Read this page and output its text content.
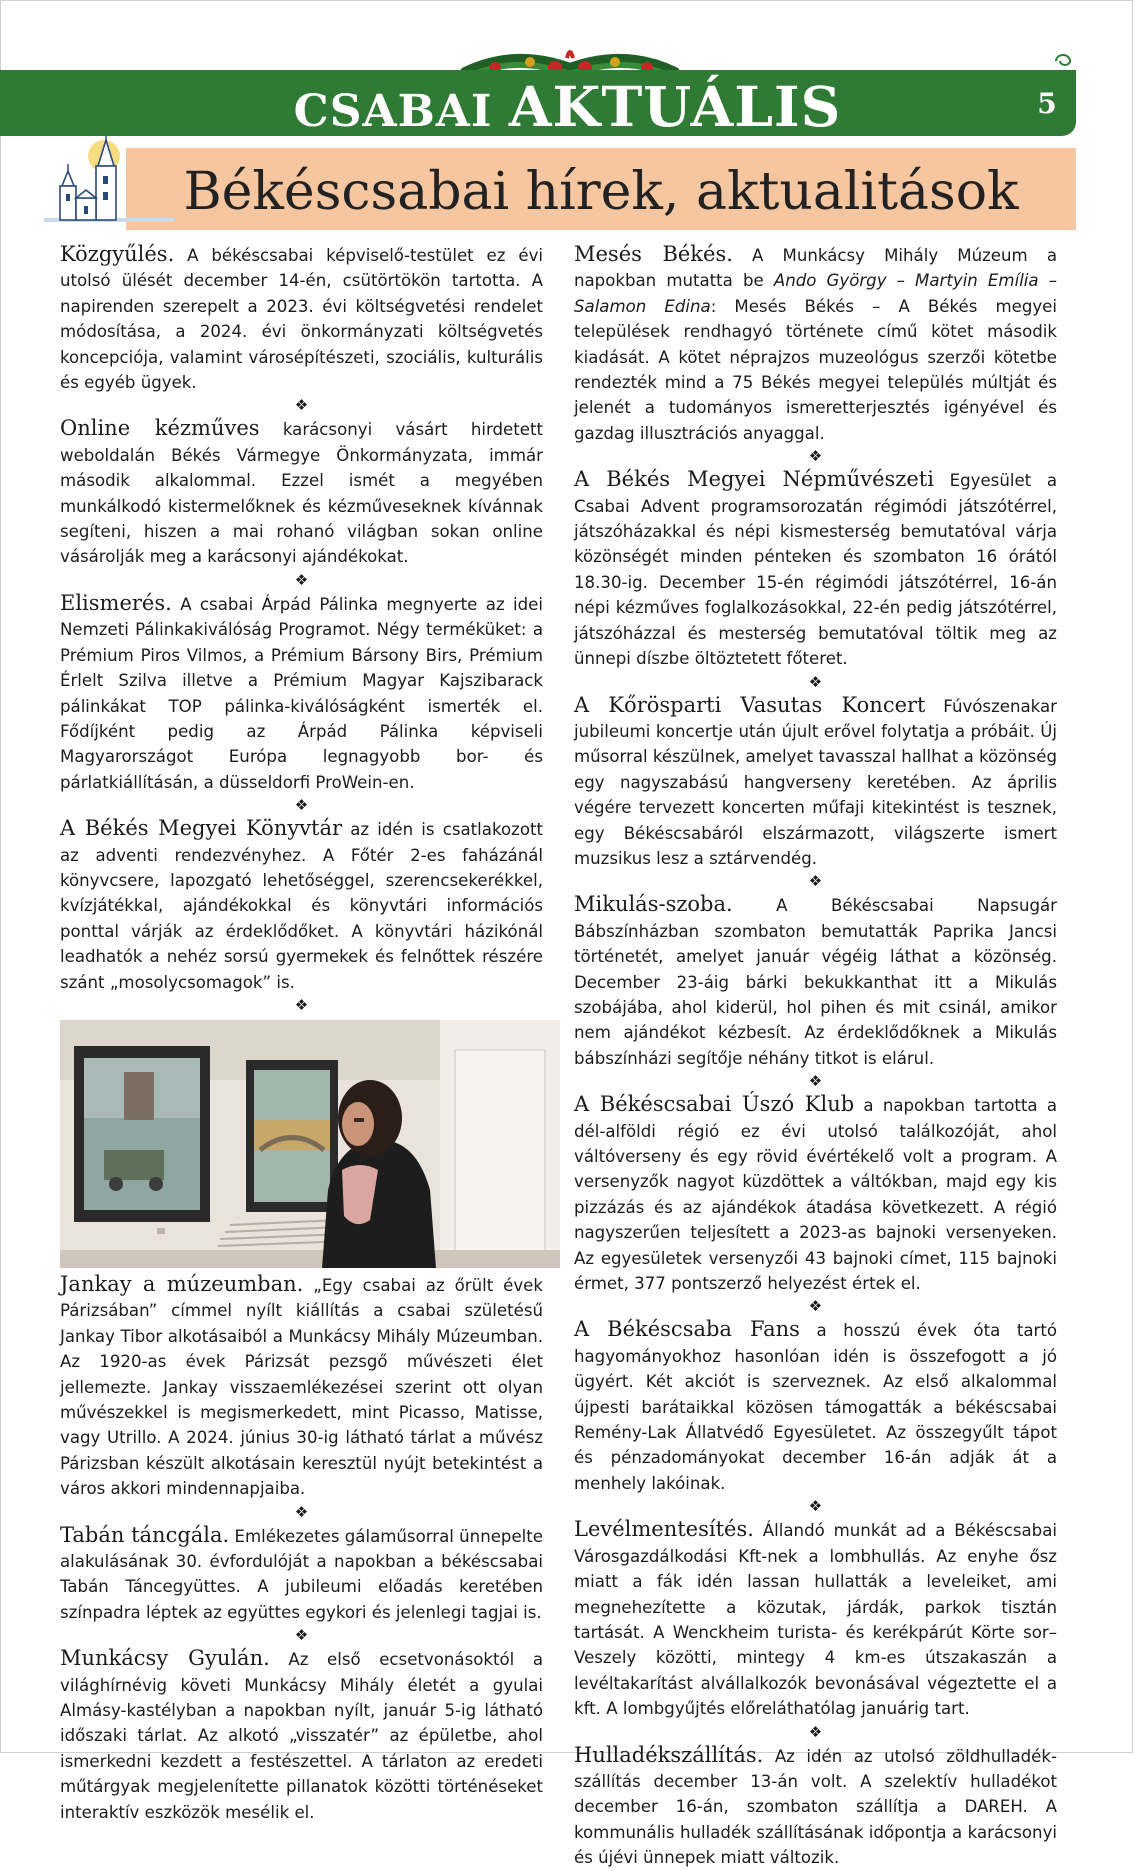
CSABAI AKTUÁLIS	5
Békéscsabai hírek, aktualitások

Közgyűlés. A békéscsabai képviselő-testület ez évi utolsó ülését december 14-én, csütörtökön tartotta. A napirenden szerepelt a 2023. évi költségvetési rendelet módosítása, a 2024. évi önkormányzati költségvetés koncepciója, valamint városépítészeti, szociális, kulturális és egyéb ügyek.

❖

Online kézműves karácsonyi vásárt hirdetett weboldalán Békés Vármegye Önkormányzata, immár második alkalommal. Ezzel ismét a megyében munkálkodó kistermelőknek és kézműveseknek kívánnak segíteni, hiszen a mai rohanó világban sokan online vásárolják meg a karácsonyi ajándékokat.

❖

Elismerés. A csabai Árpád Pálinka megnyerte az idei Nemzeti Pálinkakiválóság Programot. Négy terméküket: a Prémium Piros Vilmos, a Prémium Bársony Birs, Prémium Érlelt Szilva illetve a Prémium Magyar Kajszibarack pálinkákat TOP pálinka-kiválóságként ismerték el. Fődíjként pedig az Árpád Pálinka képviseli Magyarországot Európa legnagyobb bor- és párlatkiállításán, a düsseldorfi ProWein-en.

❖

A Békés Megyei Könyvtár az idén is csatlakozott az adventi rendezvényhez. A Főtér 2-es faházánál könyvcsere, lapozgató lehetőséggel, szerencsekerékkel, kvízjátékkal, ajándékokkal és könyvtári információs ponttal várják az érdeklődőket. A könyvtári házikónál leadhatók a nehéz sorsú gyermekek és felnőttek részére szánt „mosolycsomagok” is.

❖

Jankay a múzeumban. „Egy csabai az őrült évek Párizsában” címmel nyílt kiállítás a csabai születésű Jankay Tibor alkotásaiból a Munkácsy Mihály Múzeumban. Az 1920-as évek Párizsát pezsgő művészeti élet jellemezte. Jankay visszaemlékezései szerint ott olyan művészekkel is megismerkedett, mint Picasso, Matisse, vagy Utrillo. A 2024. június 30-ig látható tárlat a művész Párizsban készült alkotásain keresztül nyújt betekintést a város akkori mindennapjaiba.

❖

Tabán táncgála. Emlékezetes gálaműsorral ünnepelte alakulásának 30. évfordulóját a napokban a békéscsabai Tabán Táncegyüttes. A jubileumi előadás keretében színpadra léptek az együttes egykori és jelenlegi tagjai is.

❖

Munkácsy Gyulán. Az első ecsetvonásoktól a világhírnévig követi Munkácsy Mihály életét a gyulai Almásy-kastélyban a napokban nyílt, január 5-ig látható időszaki tárlat. Az alkotó „visszatér” az épületbe, ahol ismerkedni kezdett a festészettel. A tárlaton az eredeti műtárgyak megjelenítette pillanatok közötti történéseket interaktív eszközök mesélik el.

Mesés Békés. A Munkácsy Mihály Múzeum a napokban mutatta be Ando György – Martyin Emília – Salamon Edina: Mesés Békés – A Békés megyei települések rendhagyó története című kötet második kiadását. A kötet néprajzos muzeológus szerzői kötetbe rendezték mind a 75 Békés megyei település múltját és jelenét a tudományos ismeretterjesztés igényével és gazdag illusztrációs anyaggal.

❖

A Békés Megyei Népművészeti Egyesület a Csabai Advent programsorozatán régimódi játszótérrel, játszóházakkal és népi kismesterség bemutatóval várja közönségét minden pénteken és szombaton 16 órától 18.30-ig. December 15-én régimódi játszótérrel, 16-án népi kézműves foglalkozásokkal, 22-én pedig játszótérrel, játszóházzal és mesterség bemutatóval töltik meg az ünnepi díszbe öltöztetett főteret.

❖

A Kőrösparti Vasutas Koncert Fúvószenakar jubileumi koncertje után újult erővel folytatja a próbáit. Új műsorral készülnek, amelyet tavasszal hallhat a közönség egy nagyszabású hangverseny keretében. Az április végére tervezett koncerten műfaji kitekintést is tesznek, egy Békéscsabáról elszármazott, világszerte ismert muzsikus lesz a sztárvendég.

❖

Mikulás-szoba. A Békéscsabai Napsugár Bábszínházban szombaton bemutatták Paprika Jancsi történetét, amelyet január végéig láthat a közönség. December 23-áig bárki bekukkanthat itt a Mikulás szobájába, ahol kiderül, hol pihen és mit csinál, amikor nem ajándékot kézbesít. Az érdeklődőknek a Mikulás bábszínházi segítője néhány titkot is elárul.

❖

A Békéscsabai Úszó Klub a napokban tartotta a dél-alföldi régió ez évi utolsó találkozóját, ahol váltóverseny és egy rövid évértékelő volt a program. A versenyzők nagyot küzdöttek a váltókban, majd egy kis pizzázás és az ajándékok átadása következett. A régió nagyszerűen teljesített a 2023-as bajnoki versenyeken. Az egyesületek versenyzői 43 bajnoki címet, 115 bajnoki érmet, 377 pontszerző helyezést értek el.

❖

A Békéscsaba Fans a hosszú évek óta tartó hagyományokhoz hasonlóan idén is összefogott a jó ügyért. Két akciót is szerveznek. Az első alkalommal újpesti barátaikkal közösen támogatták a békéscsabai Remény-Lak Állatvédő Egyesületet. Az összegyűlt tápot és pénzadományokat december 16-án adják át a menhely lakóinak.

❖

Levélmentesítés. Állandó munkát ad a Békéscsabai Városgazdálkodási Kft-nek a lombhullás. Az enyhe ősz miatt a fák idén lassan hullatták a leveleiket, ami megnehezítette a közutak, járdák, parkok tisztán tartását. A Wenckheim turista- és kerékpárút Körte sor–Veszely közötti, mintegy 4 km-es útszakaszán a levéltakarítást alvállalkozók bevonásával végeztette el a kft. A lombgyűjtés előreláthatólag januárig tart.

❖

Hulladékszállítás. Az idén az utolsó zöldhulladék-szállítás december 13-án volt. A szelektív hulladékot december 16-án, szombaton szállítja a DAREH. A kommunális hulladék szállításának időpontja a karácsonyi és újévi ünnepek miatt változik.
